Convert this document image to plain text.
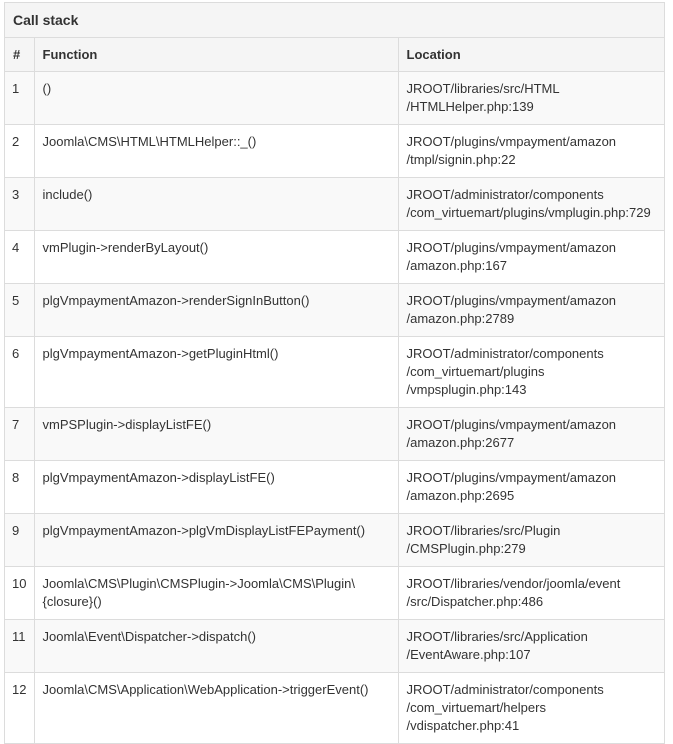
Call stack
#	Function	Location
1	()	JROOT/libraries/src/HTML
/HTMLHelper.php:139

2	Joomla\CMS\HTML\HTMLHelper::_()	JROOT/plugins/vmpayment/amazon
/tmpl/signin.php:22

3	include()	JROOT/administrator/components
/com_virtuemart/plugins/vmplugin.php:729

4	vmPlugin->renderByLayout()	JROOT/plugins/vmpayment/amazon
/amazon.php:167

5	plgVmpaymentAmazon->renderSignInButton()	JROOT/plugins/vmpayment/amazon
/amazon.php:2789

6	plgVmpaymentAmazon->getPluginHtml()	JROOT/administrator/components
/com_virtuemart/plugins
/vmpsplugin.php:143

7	vmPSPlugin->displayListFE()	JROOT/plugins/vmpayment/amazon
/amazon.php:2677

8	plgVmpaymentAmazon->displayListFE()	JROOT/plugins/vmpayment/amazon
/amazon.php:2695

9	plgVmpaymentAmazon->plgVmDisplayListFEPayment()	JROOT/libraries/src/Plugin
/CMSPlugin.php:279

10	Joomla\CMS\Plugin\CMSPlugin->Joomla\CMS\Plugin\{closure}()	JROOT/libraries/vendor/joomla/event
/src/Dispatcher.php:486

11	Joomla\Event\Dispatcher->dispatch()	JROOT/libraries/src/Application
/EventAware.php:107

12	Joomla\CMS\Application\WebApplication->triggerEvent()	JROOT/administrator/components
/com_virtuemart/helpers
/vdispatcher.php:41
